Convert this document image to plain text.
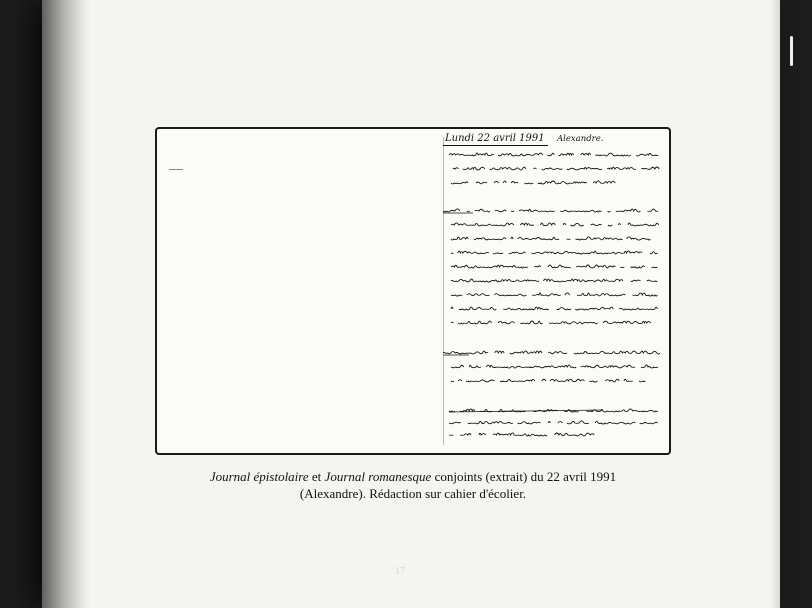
Lundi 22 avril 1991	Alexandre.
Journal épistolaire et Journal romanesque conjoints (extrait) du 22 avril 1991
(Alexandre). Rédaction sur cahier d'écolier.
17
